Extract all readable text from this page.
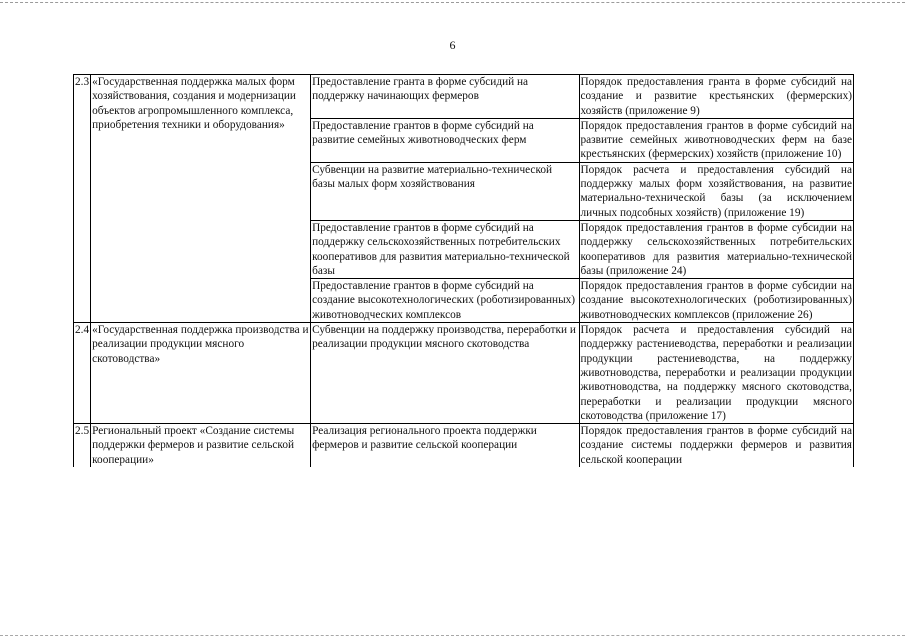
6
2.3	«Государственная поддержка малых форм хозяйствования, создания и модернизации объектов агропромышленного комплекса, приобретения техники и оборудования»	Предоставление гранта в форме субсидий на поддержку начинающих фермеров	Порядок предоставления гранта в форме субсидий на создание и развитие крестьянских (фермерских) хозяйств (приложение 9)
		Предоставление грантов в форме субсидий на развитие семейных животноводческих ферм	Порядок предоставления грантов в форме субсидий на развитие семейных животноводческих ферм на базе крестьянских (фермерских) хозяйств (приложение 10)
		Субвенции на развитие материально-технической базы малых форм хозяйствования	Порядок расчета и предоставления субсидий на поддержку малых форм хозяйствования, на развитие материально-технической базы (за исключением личных подсобных хозяйств) (приложение 19)
		Предоставление грантов в форме субсидий на поддержку сельскохозяйственных потребительских кооперативов для развития материально-технической базы	Порядок предоставления грантов в форме субсидии на поддержку сельскохозяйственных потребительских кооперативов для развития материально-технической базы (приложение 24)
		Предоставление грантов в форме субсидий на создание высокотехнологических (роботизированных) животноводческих комплексов	Порядок предоставления грантов в форме субсидии на создание высокотехнологических (роботизированных) животноводческих комплексов (приложение 26)
2.4	«Государственная поддержка производства и реализации продукции мясного скотоводства»	Субвенции на поддержку производства, переработки и реализации продукции мясного скотоводства	Порядок расчета и предоставления субсидий на поддержку растениеводства, переработки и реализации продукции растениеводства, на поддержку животноводства, переработки и реализации продукции животноводства, на поддержку мясного скотоводства, переработки и реализации продукции мясного скотоводства (приложение 17)
2.5.	Региональный проект «Создание системы поддержки фермеров и развитие сельской кооперации»	Реализация регионального проекта поддержки фермеров и развитие сельской кооперации	Порядок предоставления грантов в форме субсидий на создание системы поддержки фермеров и развития сельской кооперации
